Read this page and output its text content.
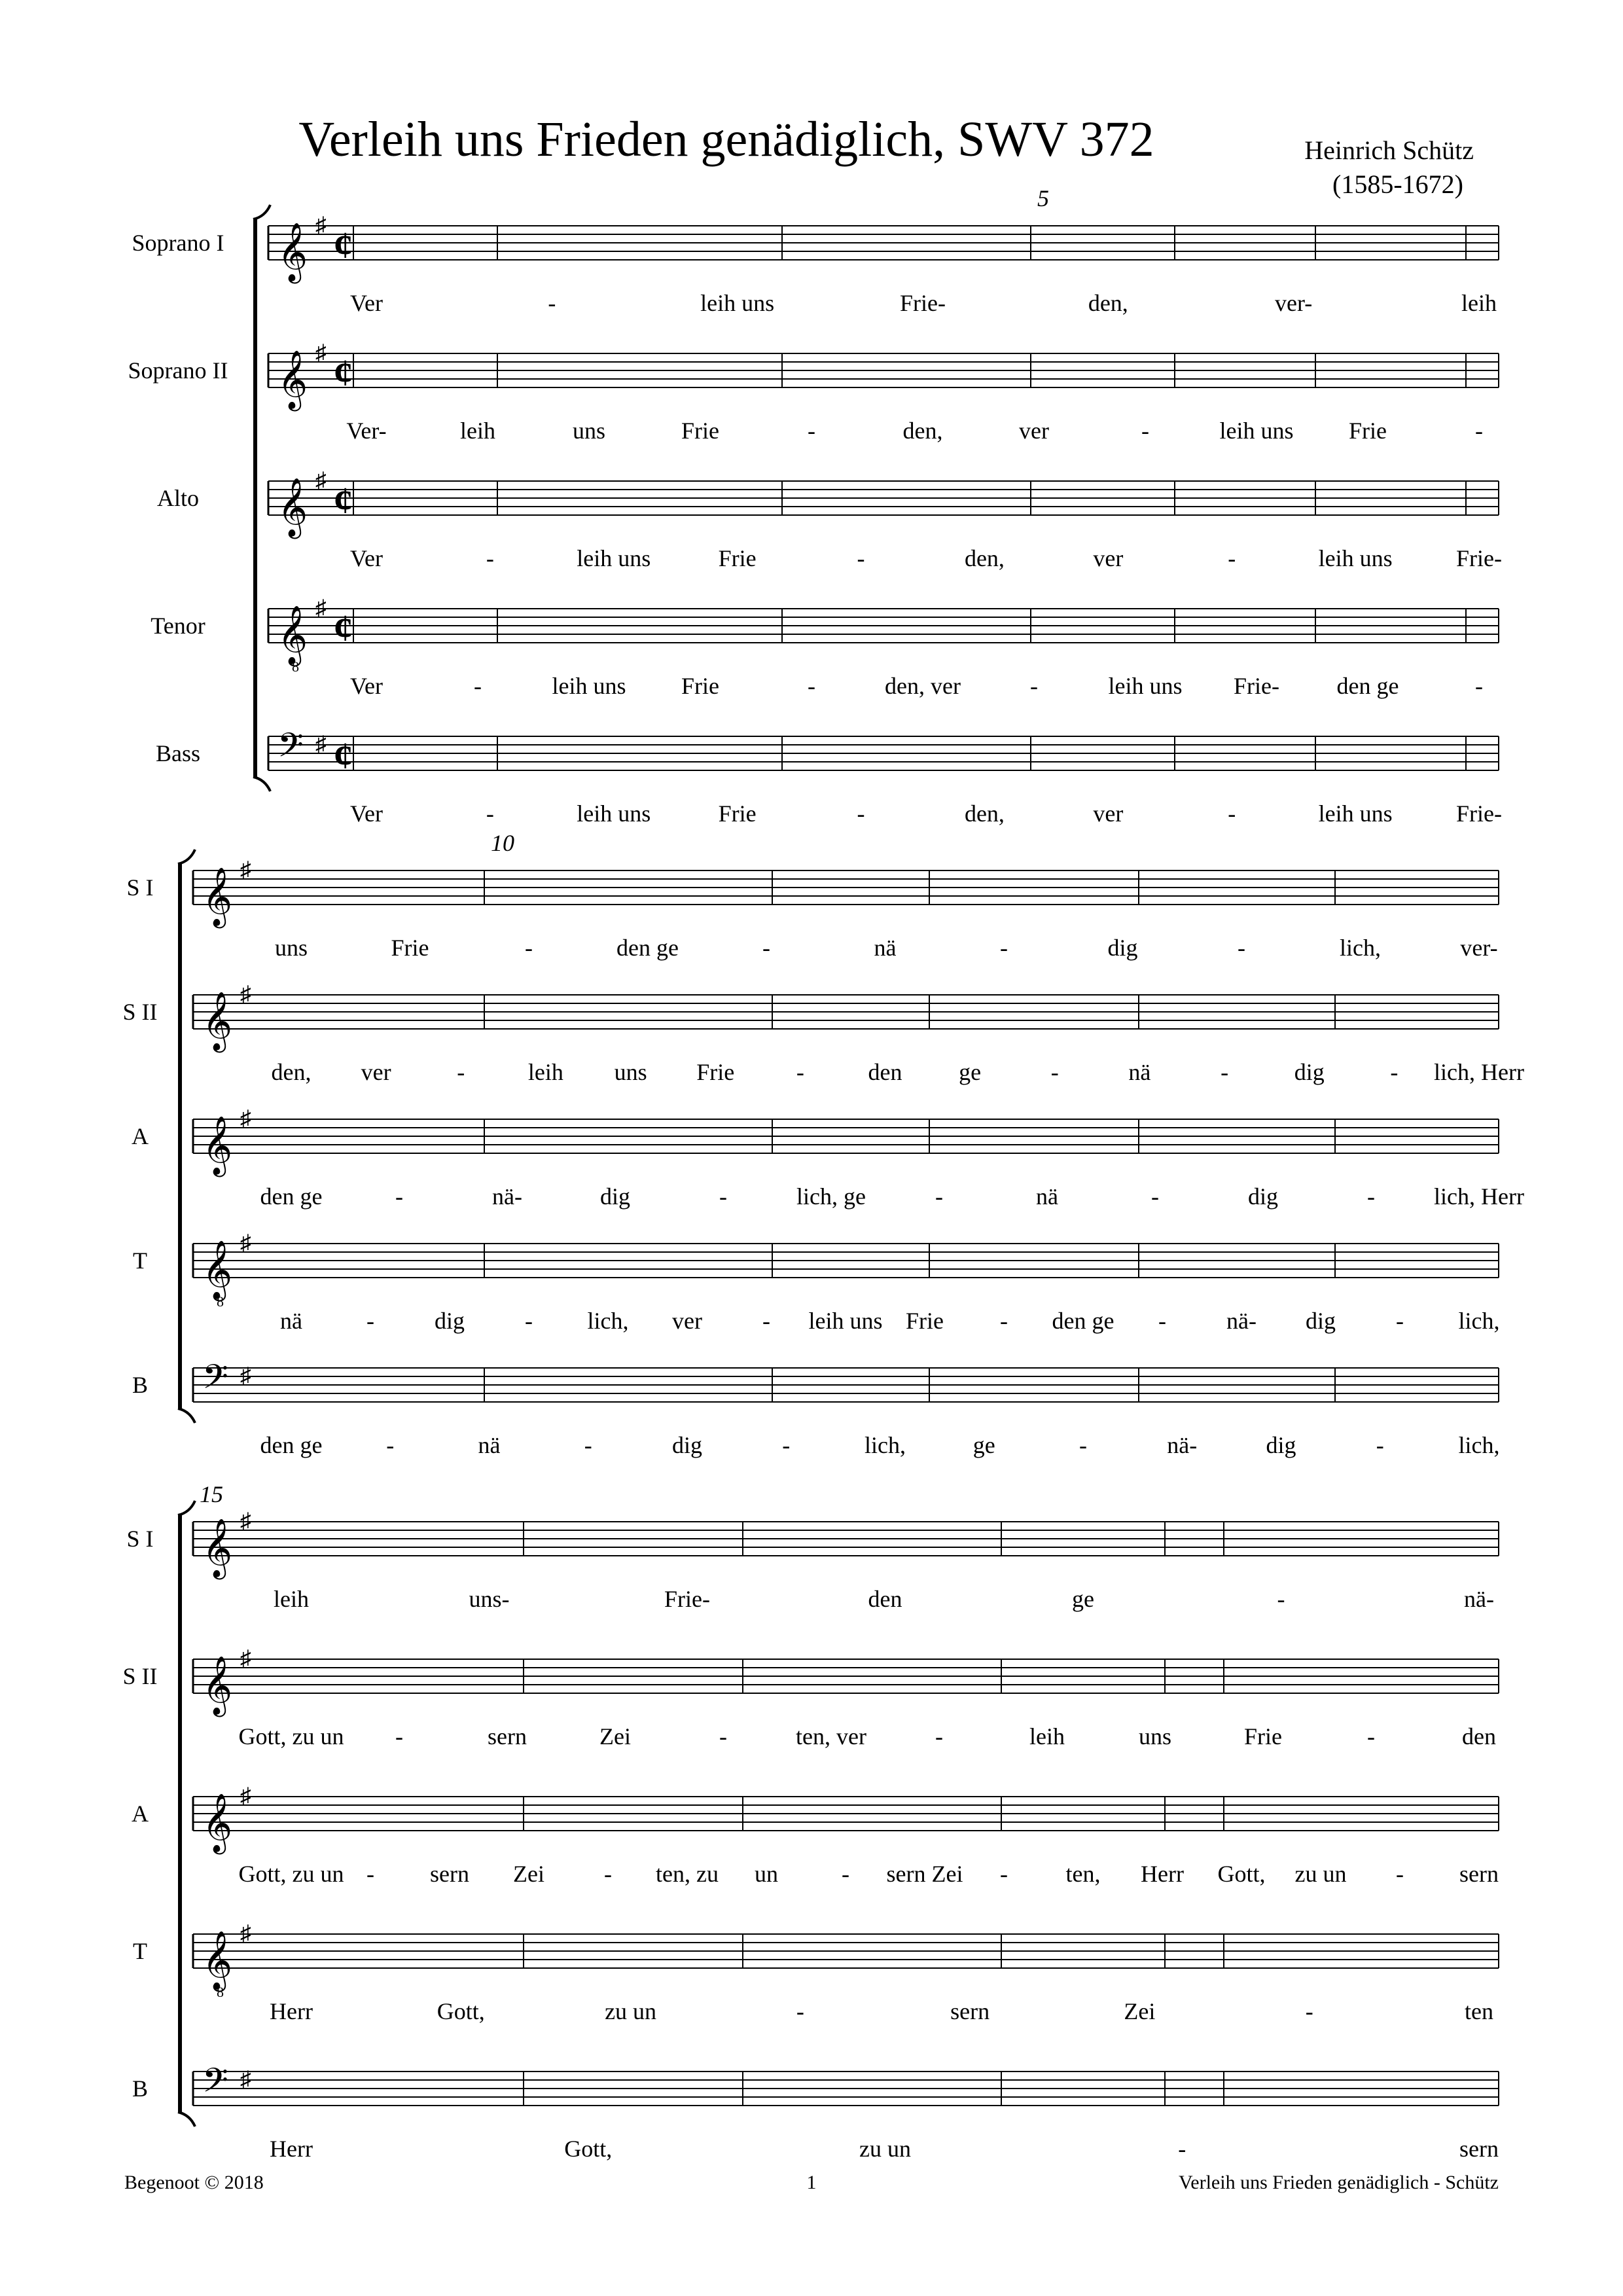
5
Soprano I 𝄞 ♯ ¢
Ver	-	leih uns	Frie-	den,	ver-	leih
Soprano II 𝄞 ♯ ¢
Ver-	leih	uns	Frie	-	den,	ver	-	leih uns Frie	-
Alto 𝄞 ♯ ¢
Ver	-	leih uns	Frie	-	den,	ver	-	leih uns	Frie-
Tenor 𝄞
8
♯ ¢
Ver	-	leih uns Frie	-	den, ver	-	leih uns Frie- den ge	-
Bass 𝄢 ♯ ¢
Ver	-	leih uns	Frie	-	den,	ver	-	leih uns	Frie-
10
S I 𝄞 ♯
uns	Frie	-	den ge	-	nä	-	dig	-	lich,	ver-
S II 𝄞 ♯
den, ver	-	leih uns Frie	-	den ge	-	nä	-	dig	- lich, Herr
A 𝄞 ♯
den ge	-	nä-	dig	-	lich, ge	-	nä	-	dig	-	lich, Herr
T 𝄞
8
♯
nä	-	dig	- lich, ver	- leih uns Frie - den ge -	nä- dig	- lich,
B 𝄢 ♯
den ge	-	nä	-	dig	-	lich,	ge	-	nä-	dig	-	lich,
15
S I 𝄞 ♯
leih	uns-	Frie-	den	ge	-	nä-
S II 𝄞 ♯
Gott, zu un -	sern	Zei	-	ten, ver	-	leih	uns	Frie	-	den
A 𝄞 ♯
Gott, zu un - sern Zei	- ten, zu un	- sern Zei - ten, Herr Gott, zu un - sern
T 𝄞
8
♯
Herr	Gott,	zu un	-	sern	Zei	-	ten
B 𝄢 ♯
Herr	Gott,	zu un	-	sern
Verleih uns Frieden genädiglich, SWV 372	Heinrich Schütz
(1585-1672)
Begenoot © 2018	1	Verleih uns Frieden genädiglich - Schütz
